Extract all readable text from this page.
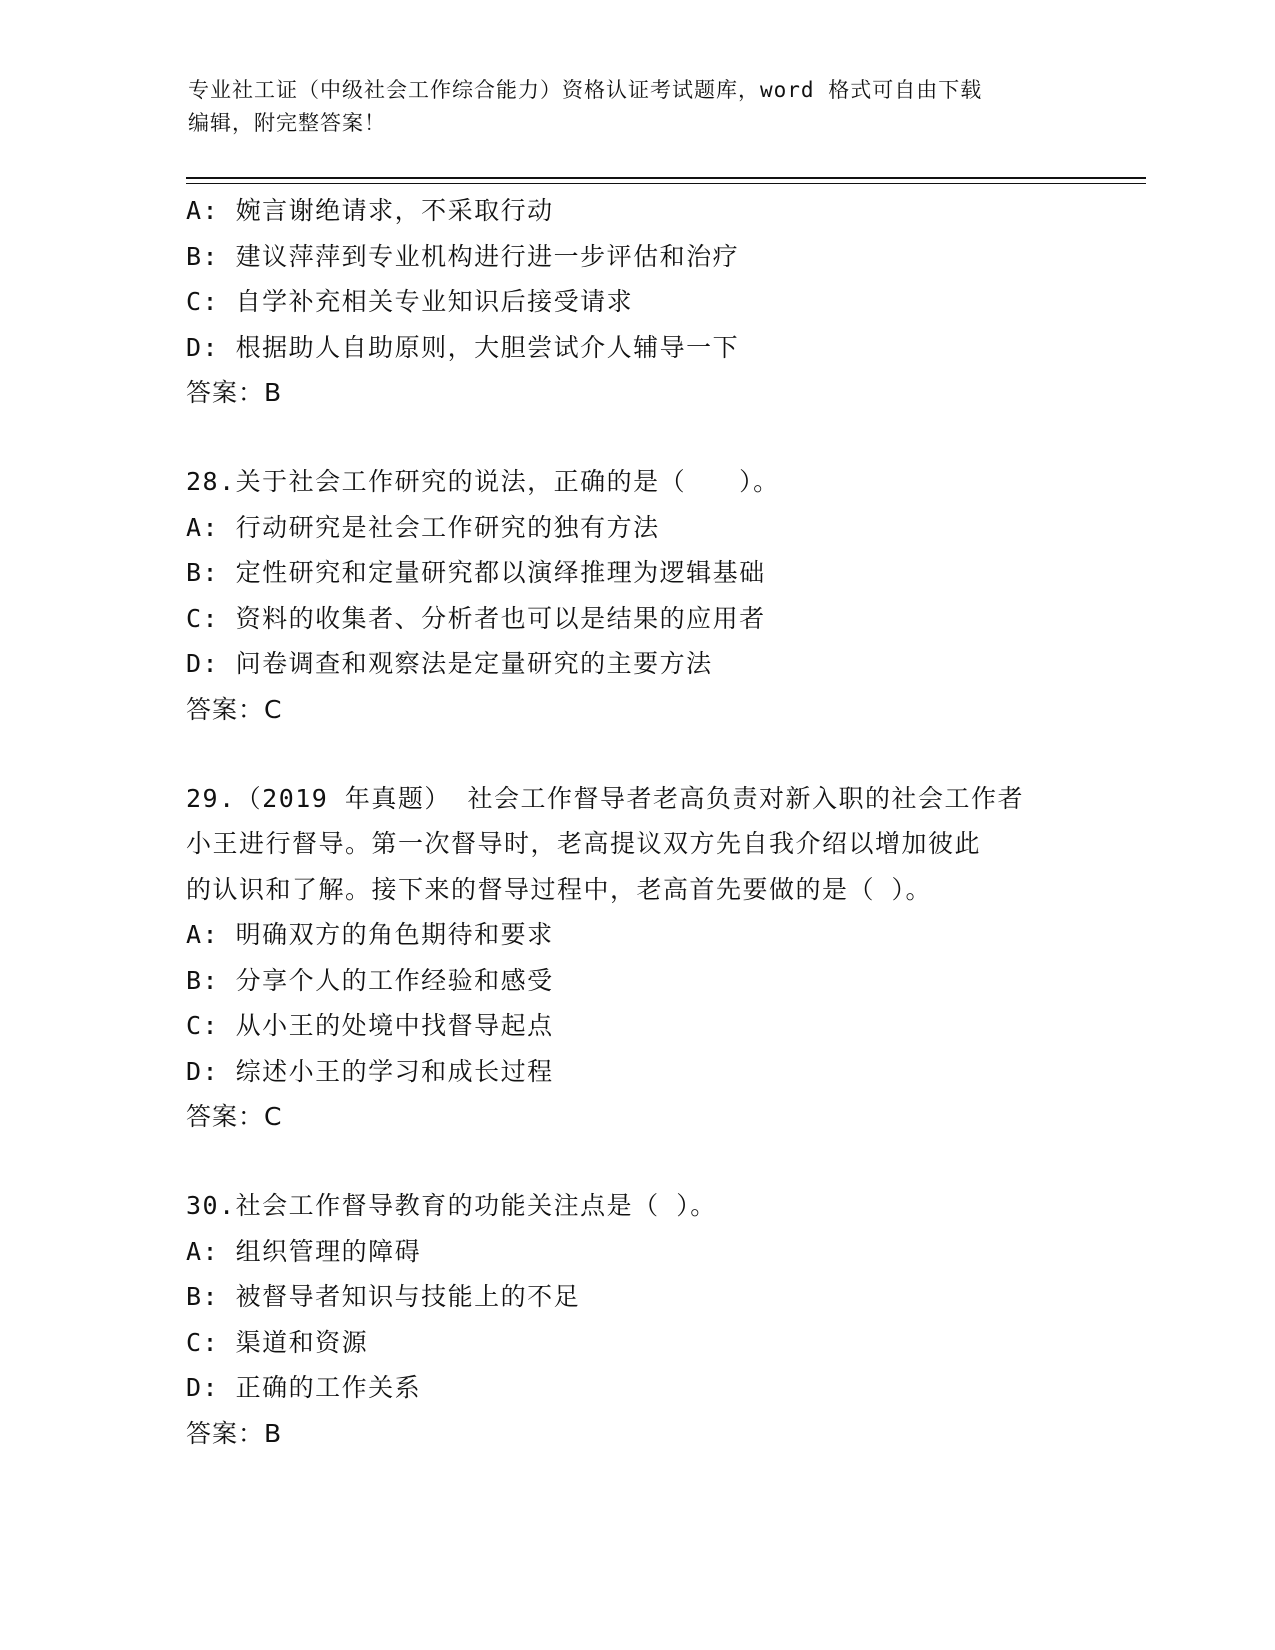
专业社工证（中级社会工作综合能力）资格认证考试题库，word 格式可自由下载
编辑，附完整答案！
A: 婉言谢绝请求，不采取行动
B: 建议萍萍到专业机构进行进一步评估和治疗
C: 自学补充相关专业知识后接受请求
D: 根据助人自助原则，大胆尝试介人辅导一下
答案：B
28.关于社会工作研究的说法，正确的是（　　）。
A: 行动研究是社会工作研究的独有方法
B: 定性研究和定量研究都以演绎推理为逻辑基础
C: 资料的收集者、分析者也可以是结果的应用者
D: 问卷调查和观察法是定量研究的主要方法
答案：C
29.（2019 年真题） 社会工作督导者老高负责对新入职的社会工作者
小王进行督导。第一次督导时，老高提议双方先自我介绍以增加彼此
的认识和了解。接下来的督导过程中，老高首先要做的是（ ）。
A: 明确双方的角色期待和要求
B: 分享个人的工作经验和感受
C: 从小王的处境中找督导起点
D: 综述小王的学习和成长过程
答案：C
30.社会工作督导教育的功能关注点是（ ）。
A: 组织管理的障碍
B: 被督导者知识与技能上的不足
C: 渠道和资源
D: 正确的工作关系
答案：B
